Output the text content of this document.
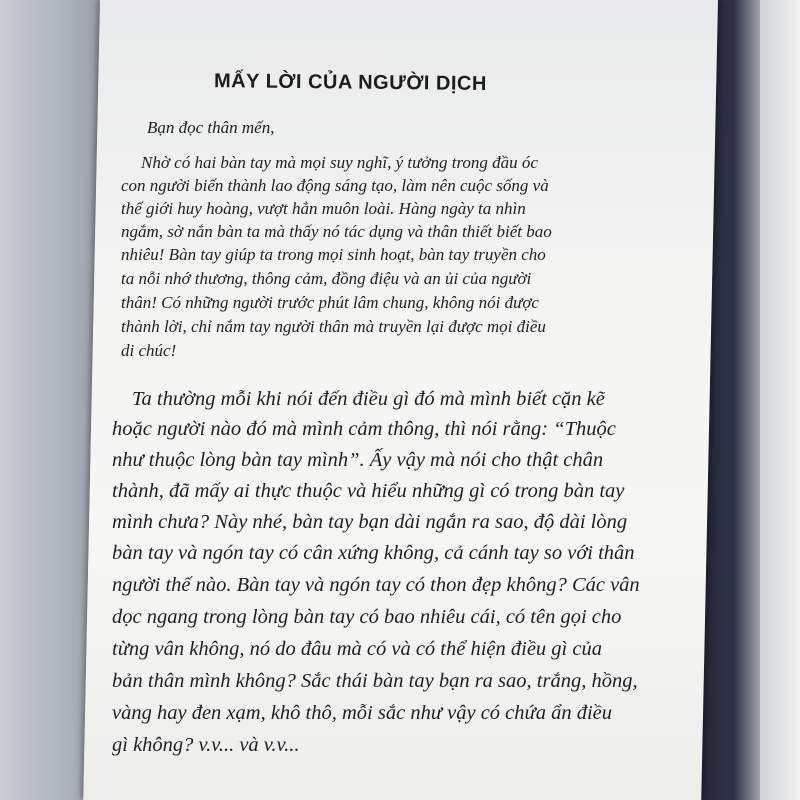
MẤY LỜI CỦA NGƯỜI DỊCH
Bạn đọc thân mến,
Nhờ có hai bàn tay mà mọi suy nghĩ, ý tưởng trong đầu óc
con người biến thành lao động sáng tạo, làm nên cuộc sống và
thế giới huy hoàng, vượt hẳn muôn loài. Hàng ngày ta nhìn
ngắm, sờ nắn bàn ta mà thấy nó tác dụng và thân thiết biết bao
nhiêu! Bàn tay giúp ta trong mọi sinh hoạt, bàn tay truyền cho
ta nỗi nhớ thương, thông cảm, đồng điệu và an ủi của người
thân! Có những người trước phút lâm chung, không nói được
thành lời, chỉ nắm tay người thân mà truyền lại được mọi điều
di chúc!
Ta thường mỗi khi nói đến điều gì đó mà mình biết cặn kẽ
hoặc người nào đó mà mình cảm thông, thì nói rằng: “Thuộc
như thuộc lòng bàn tay mình”. Ấy vậy mà nói cho thật chân
thành, đã mấy ai thực thuộc và hiểu những gì có trong bàn tay
mình chưa? Này nhé, bàn tay bạn dài ngắn ra sao, độ dài lòng
bàn tay và ngón tay có cân xứng không, cả cánh tay so với thân
người thế nào. Bàn tay và ngón tay có thon đẹp không? Các vân
dọc ngang trong lòng bàn tay có bao nhiêu cái, có tên gọi cho
từng vân không, nó do đâu mà có và có thể hiện điều gì của
bản thân mình không? Sắc thái bàn tay bạn ra sao, trắng, hồng,
vàng hay đen xạm, khô thô, mỗi sắc như vậy có chứa ẩn điều
gì không? v.v... và v.v...
